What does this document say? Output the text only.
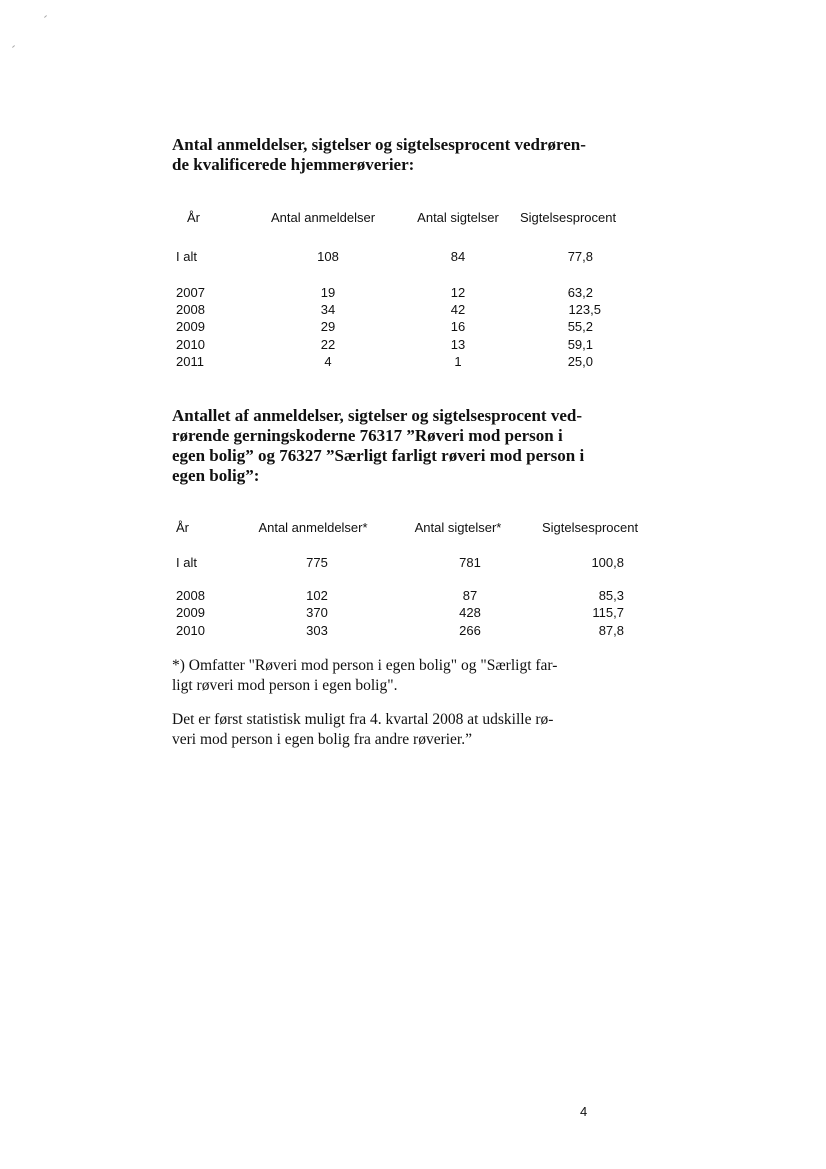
Antal anmeldelser, sigtelser og sigtelsesprocent vedrøren-
de kvalificerede hjemmerøverier:
År	Antal anmeldelser	Antal sigtelser	Sigtelsesprocent
I alt	108	84	77,8
2007	19	12	63,2
2008	34	42	123,5
2009	29	16	55,2
2010	22	13	59,1
2011	4	1	25,0
Antallet af anmeldelser, sigtelser og sigtelsesprocent ved-
rørende gerningskoderne 76317 ”Røveri mod person i
egen bolig” og 76327 ”Særligt farligt røveri mod person i
egen bolig”:
År	Antal anmeldelser*	Antal sigtelser*	Sigtelsesprocent
I alt	775	781	100,8
2008	102	87	85,3
2009	370	428	115,7
2010	303	266	87,8
*) Omfatter "Røveri mod person i egen bolig" og "Særligt far-
ligt røveri mod person i egen bolig".
Det er først statistisk muligt fra 4. kvartal 2008 at udskille rø-
veri mod person i egen bolig fra andre røverier.”
4
